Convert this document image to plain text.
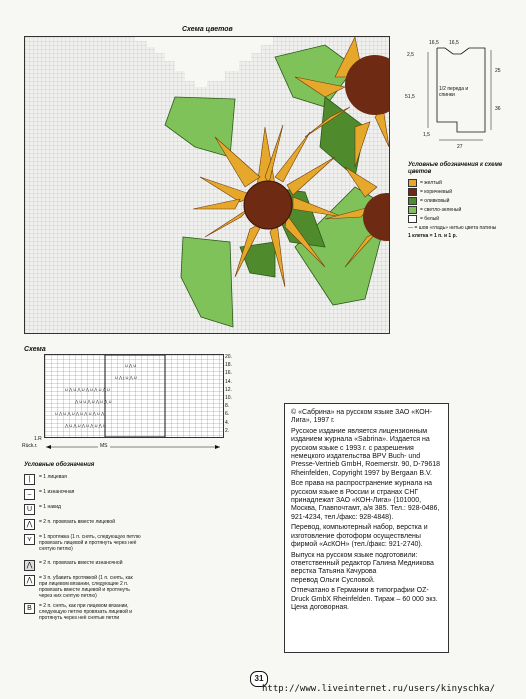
Схема цветов
16,5 16,5
2,5
51,5
25
36
1,5
27
1/2 переда и спинки
Условные обозначения к схеме цветов
= желтый
= коричневый
= оливковый
= светло-зеленый
= белый
— = шов «гладь» нитью цвета патины
1 клетка = 1 п. и 1 р.
Схема
U ⋀ U
U ⋀ | U ⋀ U
U ⋀ U ⋀ U ⋀ U ⋀ U ⋀ U
⋀ U U ⋀ U ⋀ U ⋀ U
U ⋀ U ⋀ U ⋀ U ⋀ U ⋀ U ⋀
⋀ U ⋀ U ⋀ U ⋀ U ⋀ U
20.
18.
16.
14.
12.
10.
8.
6.
4.
2.
1.R
Rück.r.	MS
Условные обозначения
|	= 1 лицевая
–	= 1 изнаночная
U	= 1 накид
⋀	= 2 п. провязать вместе лицевой
⋎	= 1 протяжка (1 п. снять, следующую петлю провязать лицевой и протянуть через неё снятую петлю)
⋀	= 2 п. провязать вместе изнаночной
⋀	= 3 п. убавить протяжкой (1 п. снять, как при лицевом вязании, следующие 2 п. провязать вместе лицевой и протянуть через них снятую петлю)
B	= 2 п. снять, как при лицевом вязании, следующую петлю провязать лицевой и протянуть через неё снятые петли

© «Сабрина» на русском языке ЗАО «КОН-Лига», 1997 г.

Русское издание является лицензионным изданием журнала «Sabrina». Издается на русском языке с 1993 г. с разрешения немецкого издательства BPV Buch- und Presse-Vertrieb GmbH, Roemerstr. 90, D-79618 Rheinfelden, Copyright 1997 by Bergaan B.V.

Все права на распространение журнала на русском языке в России и странах СНГ принадлежат ЗАО «КОН-Лига» (101000, Москва, Главпочтамт, а/я 385. Тел.: 928-0486, 921-4234, тел./факс: 928-4848).

Перевод, компьютерный набор, верстка и изготовление фотоформ осуществлены фирмой «АсКОН» (тел./факс: 921-2740).

Выпуск на русском языке подготовили:

ответственный редактор Галина Медникова

верстка Татьяна Качурова

перевод Ольги Сусловой.

Отпечатано в Германии в типографии OZ-Druck GmbX Rheinfelden. Тираж – 60 000 экз. Цена договорная.

31
http://www.liveinternet.ru/users/kinyschka/
